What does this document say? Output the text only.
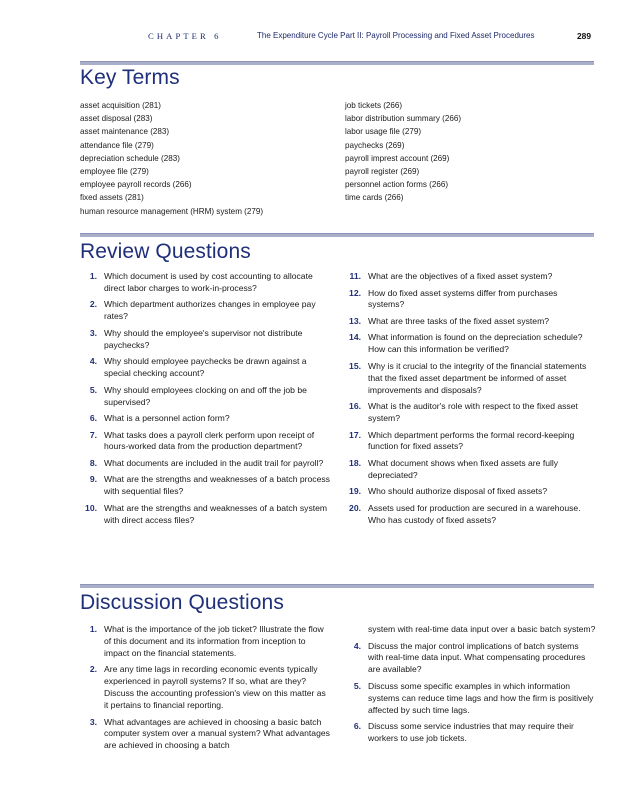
CHAPTER 6	The Expenditure Cycle Part II: Payroll Processing and Fixed Asset Procedures	289
Key Terms
asset acquisition (281)
asset disposal (283)
asset maintenance (283)
attendance file (279)
depreciation schedule (283)
employee file (279)
employee payroll records (266)
fixed assets (281)
human resource management (HRM) system (279)
job tickets (266)
labor distribution summary (266)
labor usage file (279)
paychecks (269)
payroll imprest account (269)
payroll register (269)
personnel action forms (266)
time cards (266)
Review Questions
1. Which document is used by cost accounting to allocate direct labor charges to work-in-process?
2. Which department authorizes changes in employee pay rates?
3. Why should the employee's supervisor not distribute paychecks?
4. Why should employee paychecks be drawn against a special checking account?
5. Why should employees clocking on and off the job be supervised?
6. What is a personnel action form?
7. What tasks does a payroll clerk perform upon receipt of hours-worked data from the production department?
8. What documents are included in the audit trail for payroll?
9. What are the strengths and weaknesses of a batch process with sequential files?
10. What are the strengths and weaknesses of a batch system with direct access files?
11. What are the objectives of a fixed asset system?
12. How do fixed asset systems differ from purchases systems?
13. What are three tasks of the fixed asset system?
14. What information is found on the depreciation schedule? How can this information be verified?
15. Why is it crucial to the integrity of the financial statements that the fixed asset department be informed of asset improvements and disposals?
16. What is the auditor's role with respect to the fixed asset system?
17. Which department performs the formal record-keeping function for fixed assets?
18. What document shows when fixed assets are fully depreciated?
19. Who should authorize disposal of fixed assets?
20. Assets used for production are secured in a warehouse. Who has custody of fixed assets?
Discussion Questions
1. What is the importance of the job ticket? Illustrate the flow of this document and its information from inception to impact on the financial statements.
2. Are any time lags in recording economic events typically experienced in payroll systems? If so, what are they? Discuss the accounting profession's view on this matter as it pertains to financial reporting.
3. What advantages are achieved in choosing a basic batch computer system over a manual system? What advantages are achieved in choosing a batch
system with real-time data input over a basic batch system?
4. Discuss the major control implications of batch systems with real-time data input. What compensating procedures are available?
5. Discuss some specific examples in which information systems can reduce time lags and how the firm is positively affected by such time lags.
6. Discuss some service industries that may require their workers to use job tickets.
